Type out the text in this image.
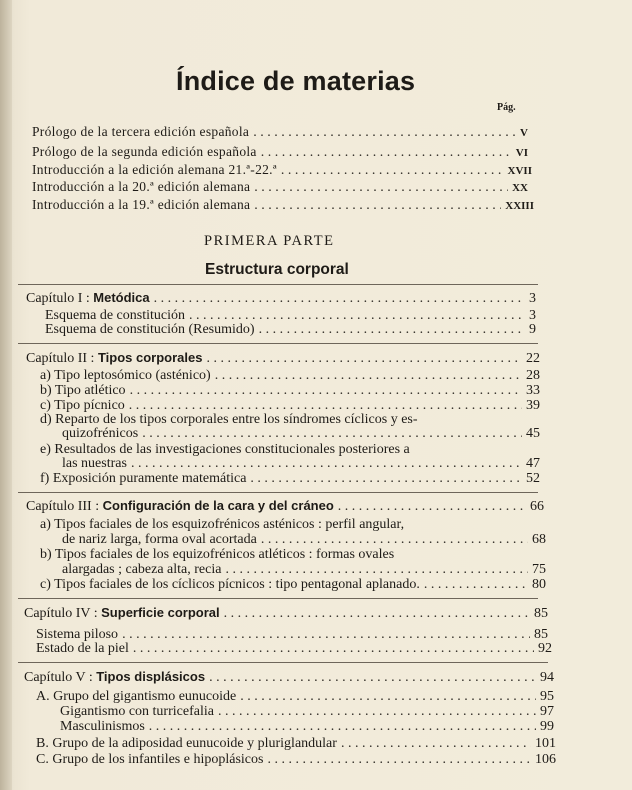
Índice de materias
Pág.
Prólogo de la tercera edición española . . .	V
Prólogo de la segunda edición española . . .	VI
Introducción a la edición alemana 21.ª-22.ª . . .	XVII
Introducción a la 20.ª edición alemana . . .	XX
Introducción a la 19.ª edición alemana . . .	XXIII
PRIMERA PARTE
Estructura corporal
Capítulo I : Metódica . . .	3
Esquema de constitución . . .	3
Esquema de constitución (Resumido) . . .	9
Capítulo II : Tipos corporales . . .	22
a) Tipo leptosómico (asténico) . . .	28
b) Tipo atlético . . .	33
c) Tipo pícnico . . .	39
d) Reparto de los tipos corporales entre los síndromes cíclicos y es-
quizofrénicos . . .	45
e) Resultados de las investigaciones constitucionales posteriores a
las nuestras . . .	47
f) Exposición puramente matemática . . .	52
Capítulo III : Configuración de la cara y del cráneo . . .	66
a) Tipos faciales de los esquizofrénicos asténicos : perfil angular,
de nariz larga, forma oval acortada . . .	68
b) Tipos faciales de los equizofrénicos atléticos : formas ovales
alargadas ; cabeza alta, recia . . .	75
c) Tipos faciales de los cíclicos pícnicos : tipo pentagonal aplanado. . . .	80
Capítulo IV : Superficie corporal . . .	85
Sistema piloso . . .	85
Estado de la piel . . .	92
Capítulo V : Tipos displásicos . . .	94
A. Grupo del gigantismo eunucoide . . .	95
Gigantismo con turricefalia . . .	97
Masculinismos . . .	99
B. Grupo de la adiposidad eunucoide y pluriglandular . . .	101
C. Grupo de los infantiles e hipoplásicos . . .	106
